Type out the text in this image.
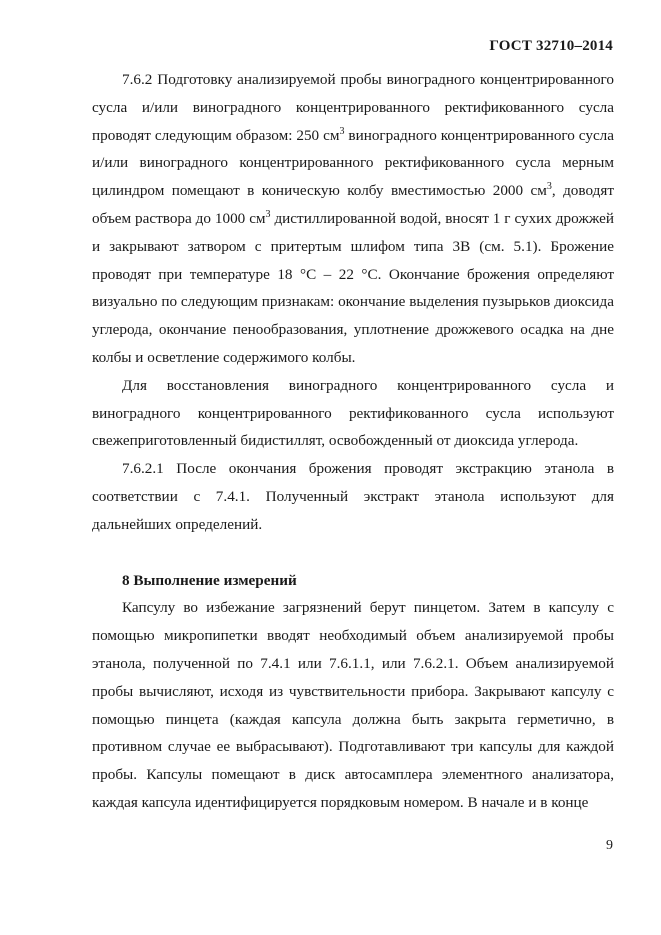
ГОСТ 32710–2014

7.6.2 Подготовку анализируемой пробы виноградного концентрированного сусла и/или виноградного концентрированного ректификованного сусла проводят следующим образом: 250 $см^3$ виноградного концентрированного сусла и/или виноградного концентрированного ректификованного сусла мерным цилиндром помещают в коническую колбу вместимостью 2000 $см^3$, доводят объем раствора до 1000 $см^3$ дистиллированной водой, вносят 1 г сухих дрожжей и закрывают затвором с притертым шлифом типа 3В (см. 5.1). Брожение проводят при температуре 18 °С – 22 °С. Окончание брожения определяют визуально по следующим признакам: окончание выделения пузырьков диоксида углерода, окончание пенообразования, уплотнение дрожжевого осадка на дне колбы и осветление содержимого колбы.

Для восстановления виноградного концентрированного сусла и виноградного концентрированного ректификованного сусла используют свежеприготовленный бидистиллят, освобожденный от диоксида углерода.

7.6.2.1 После окончания брожения проводят экстракцию этанола в соответствии с 7.4.1. Полученный экстракт этанола используют для дальнейших определений.

8 Выполнение измерений

Капсулу во избежание загрязнений берут пинцетом. Затем в капсулу с помощью микропипетки вводят необходимый объем анализируемой пробы этанола, полученной по 7.4.1 или 7.6.1.1, или 7.6.2.1. Объем анализируемой пробы вычисляют, исходя из чувствительности прибора. Закрывают капсулу с помощью пинцета (каждая капсула должна быть закрыта герметично, в противном случае ее выбрасывают). Подготавливают три капсулы для каждой пробы. Капсулы помещают в диск автосамплера элементного анализатора, каждая капсула идентифицируется порядковым номером. В начале и в конце

9
